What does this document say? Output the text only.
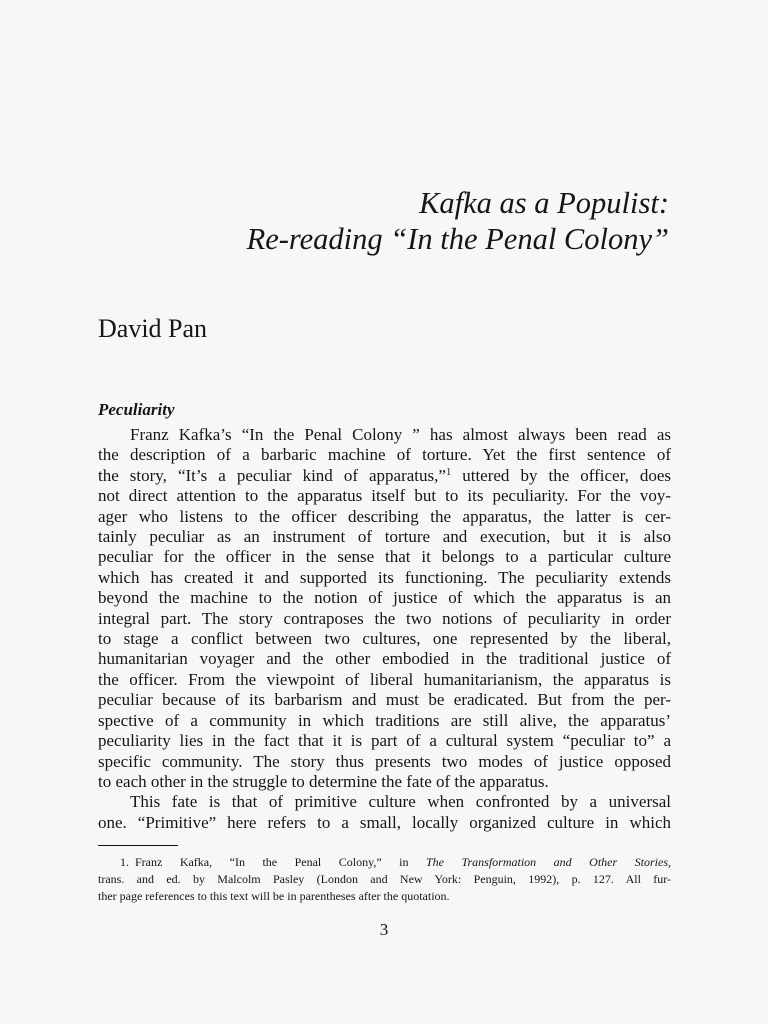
Kafka as a Populist:
Re-reading “In the Penal Colony”
David Pan
Peculiarity
Franz Kafka’s “In the Penal Colony ” has almost always been read as
the description of a barbaric machine of torture. Yet the first sentence of
the story, “It’s a peculiar kind of apparatus,”$^1$ uttered by the officer, does
not direct attention to the apparatus itself but to its peculiarity. For the voy-
ager who listens to the officer describing the apparatus, the latter is cer-
tainly peculiar as an instrument of torture and execution, but it is also
peculiar for the officer in the sense that it belongs to a particular culture
which has created it and supported its functioning. The peculiarity extends
beyond the machine to the notion of justice of which the apparatus is an
integral part. The story contraposes the two notions of peculiarity in order
to stage a conflict between two cultures, one represented by the liberal,
humanitarian voyager and the other embodied in the traditional justice of
the officer. From the viewpoint of liberal humanitarianism, the apparatus is
peculiar because of its barbarism and must be eradicated. But from the per-
spective of a community in which traditions are still alive, the apparatus’
peculiarity lies in the fact that it is part of a cultural system “peculiar to” a
specific community. The story thus presents two modes of justice opposed
to each other in the struggle to determine the fate of the apparatus.
This fate is that of primitive culture when confronted by a universal
one. “Primitive” here refers to a small, locally organized culture in which
1. Franz Kafka, “In the Penal Colony,” in The Transformation and Other Stories,
trans. and ed. by Malcolm Pasley (London and New York: Penguin, 1992), p. 127. All fur-
ther page references to this text will be in parentheses after the quotation.
3
